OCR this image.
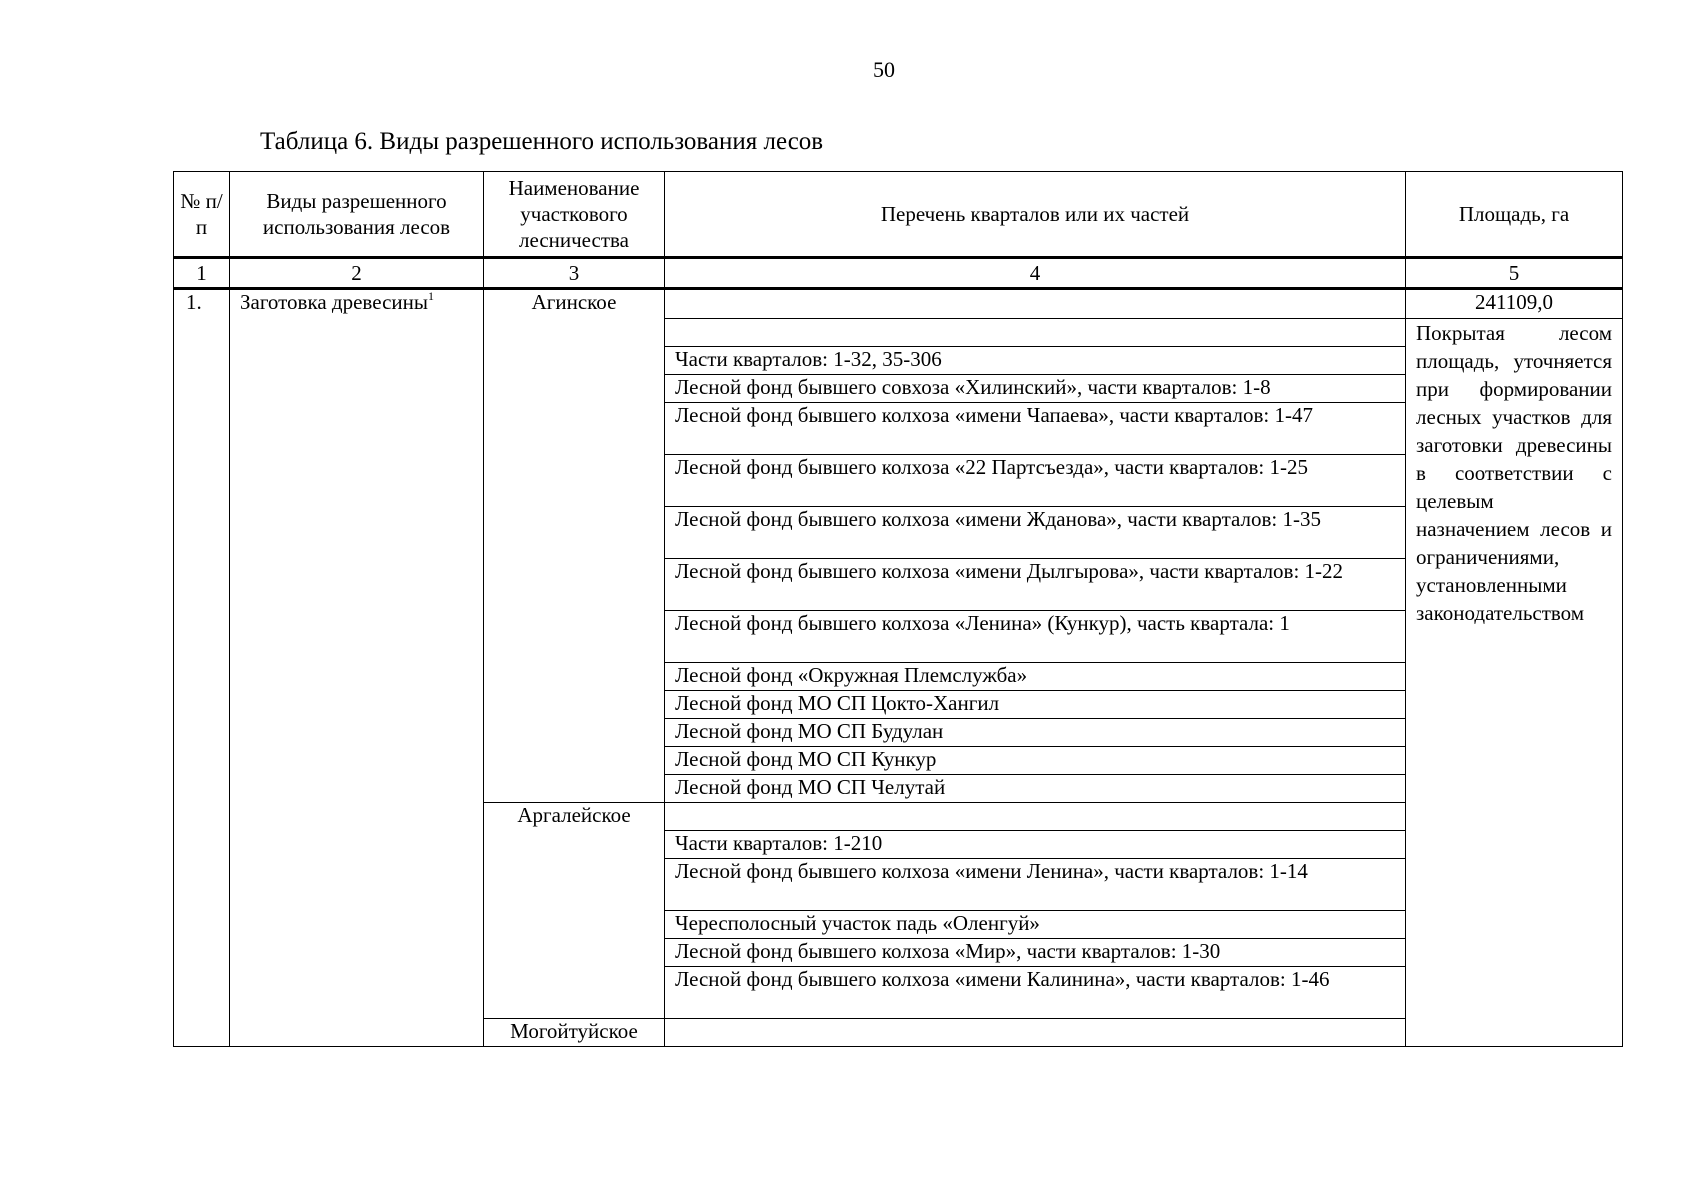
50
Таблица 6. Виды разрешенного использования лесов
№ п/п	Виды разрешенного использования лесов	Наименование участкового лесничества	Перечень кварталов или их частей	Площадь, га
1	2	3	4	5
1.	Заготовка древесины$^1$	Агинское		241109,0
				Покрытая лесом площадь, уточняется при формировании лесных участков для заготовки древесины в соответствии с целевым назначением лесов и ограничениями, установленными законодательством
			Части кварталов: 1-32, 35-306	
			Лесной фонд бывшего совхоза «Хилинский», части кварталов: 1-8	
			Лесной фонд бывшего колхоза «имени Чапаева», части кварталов: 1-47	
			Лесной фонд бывшего колхоза «22 Партсъезда», части кварталов: 1-25	
			Лесной фонд бывшего колхоза «имени Жданова», части кварталов: 1-35	
			Лесной фонд бывшего колхоза «имени Дылгырова», части кварталов: 1-22	
			Лесной фонд бывшего колхоза «Ленина» (Кункур), часть квартала: 1	
			Лесной фонд «Окружная Племслужба»	
			Лесной фонд МО СП Цокто-Хангил	
			Лесной фонд МО СП Будулан	
			Лесной фонд МО СП Кункур	
			Лесной фонд МО СП Челутай	
		Аргалейское		
			Части кварталов: 1-210	
			Лесной фонд бывшего колхоза «имени Ленина», части кварталов: 1-14	
			Чересполосный участок падь «Оленгуй»	
			Лесной фонд бывшего колхоза «Мир», части кварталов: 1-30	
			Лесной фонд бывшего колхоза «имени Калинина», части кварталов: 1-46	
		Могойтуйское		
